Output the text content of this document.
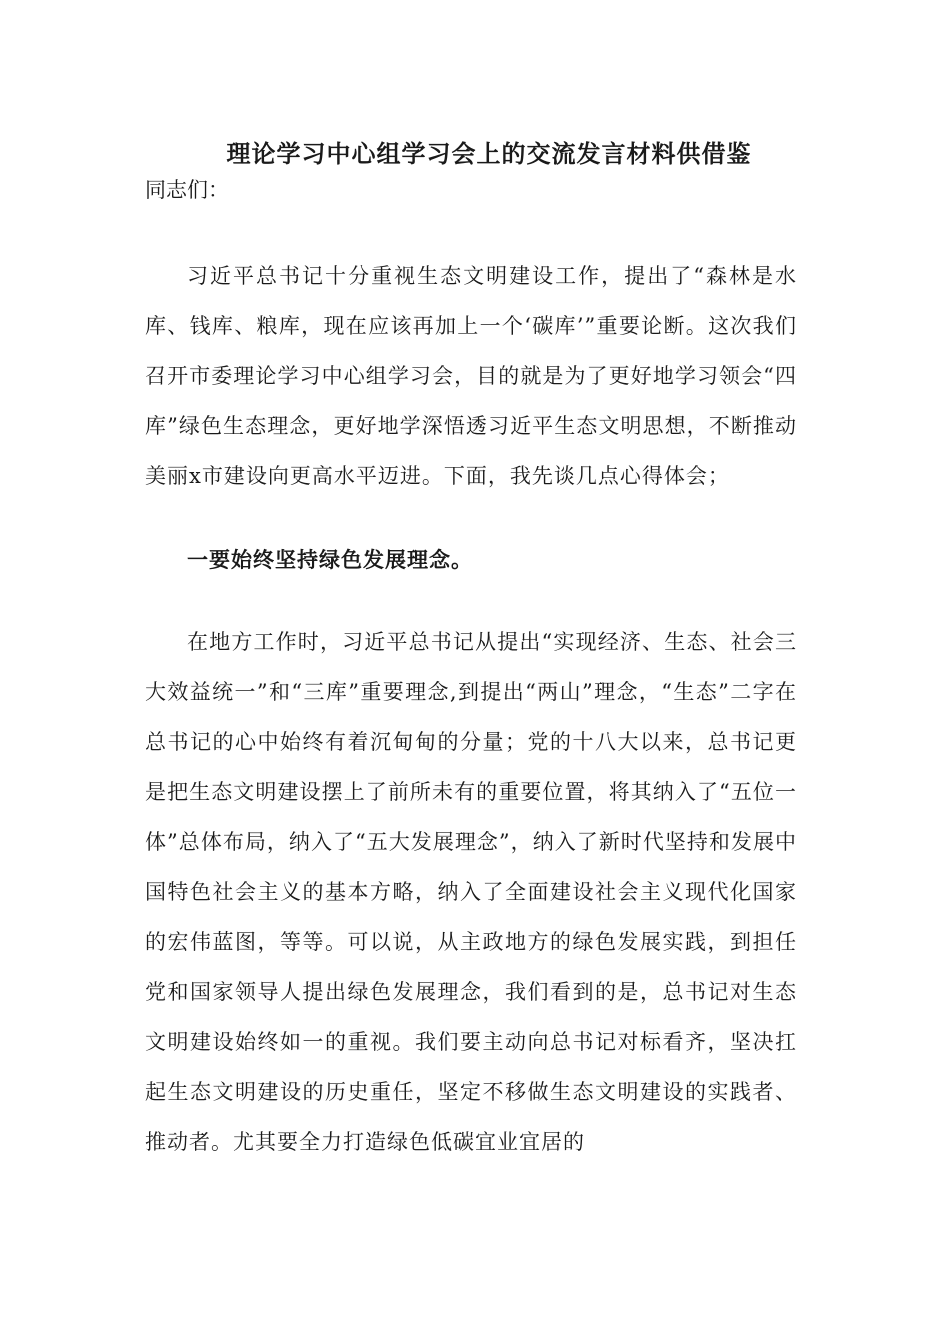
理论学习中心组学习会上的交流发言材料供借鉴

同志们：

习近平总书记十分重视生态文明建设工作，提出了“森林是水库、钱库、粮库，现在应该再加上一个‘碳库’”重要论断。这次我们召开市委理论学习中心组学习会，目的就是为了更好地学习领会“四库”绿色生态理念，更好地学深悟透习近平生态文明思想，不断推动美丽x市建设向更高水平迈进。下面，我先谈几点心得体会；

一要始终坚持绿色发展理念。

在地方工作时，习近平总书记从提出“实现经济、生态、社会三大效益统一”和“三库”重要理念,到提出“两山”理念，“生态”二字在总书记的心中始终有着沉甸甸的分量；党的十八大以来，总书记更是把生态文明建设摆上了前所未有的重要位置，将其纳入了“五位一体”总体布局，纳入了“五大发展理念”，纳入了新时代坚持和发展中国特色社会主义的基本方略，纳入了全面建设社会主义现代化国家的宏伟蓝图，等等。可以说，从主政地方的绿色发展实践，到担任党和国家领导人提出绿色发展理念，我们看到的是，总书记对生态文明建设始终如一的重视。我们要主动向总书记对标看齐，坚决扛起生态文明建设的历史重任，坚定不移做生态文明建设的实践者、推动者。尤其要全力打造绿色低碳宜业宜居的
